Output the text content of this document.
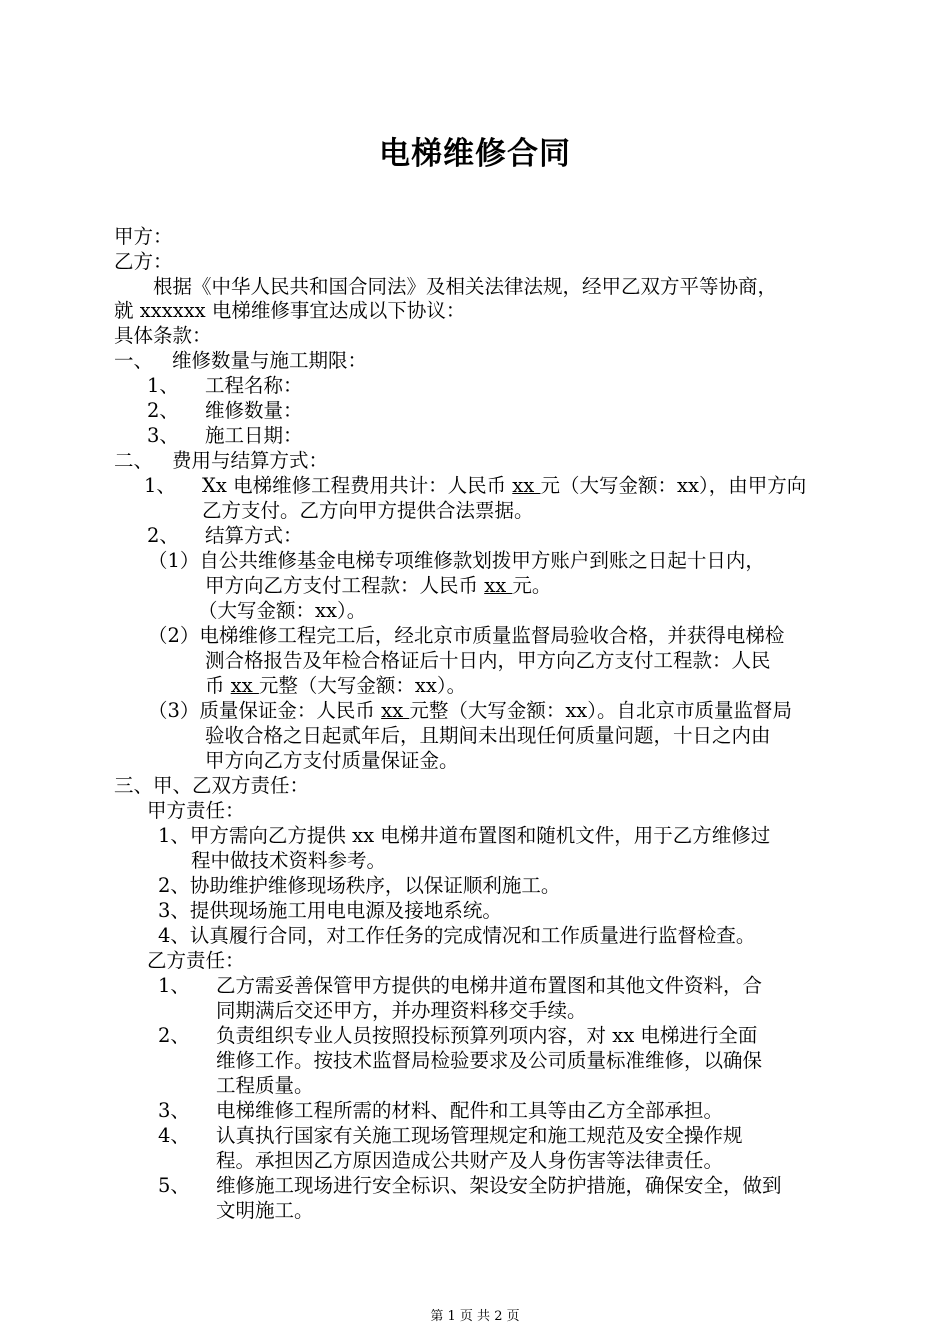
电梯维修合同
甲方：
乙方：
根据《中华人民共和国合同法》及相关法律法规，经甲乙双方平等协商，
就 xxxxxx 电梯维修事宜达成以下协议：
具体条款：
一、 维修数量与施工期限：
1、 工程名称：
2、 维修数量：
3、 施工日期：
二、 费用与结算方式：
1、 Xx 电梯维修工程费用共计：人民币 xx 元（大写金额：xx），由甲方向
乙方支付。乙方向甲方提供合法票据。
2、 结算方式：
（1）自公共维修基金电梯专项维修款划拨甲方账户到账之日起十日内，
甲方向乙方支付工程款：人民币 xx 元。
（大写金额：xx）。
（2）电梯维修工程完工后，经北京市质量监督局验收合格，并获得电梯检
测合格报告及年检合格证后十日内，甲方向乙方支付工程款：人民
币 xx 元整（大写金额：xx）。
（3）质量保证金：人民币 xx 元整（大写金额：xx）。自北京市质量监督局
验收合格之日起贰年后，且期间未出现任何质量问题，十日之内由
甲方向乙方支付质量保证金。
三、甲、乙双方责任：
甲方责任：
1、甲方需向乙方提供 xx 电梯井道布置图和随机文件，用于乙方维修过
程中做技术资料参考。
2、协助维护维修现场秩序，以保证顺利施工。
3、提供现场施工用电电源及接地系统。
4、认真履行合同，对工作任务的完成情况和工作质量进行监督检查。
乙方责任：
1、 乙方需妥善保管甲方提供的电梯井道布置图和其他文件资料，合
同期满后交还甲方，并办理资料移交手续。
2、 负责组织专业人员按照投标预算列项内容，对 xx 电梯进行全面
维修工作。按技术监督局检验要求及公司质量标准维修，以确保
工程质量。
3、 电梯维修工程所需的材料、配件和工具等由乙方全部承担。
4、 认真执行国家有关施工现场管理规定和施工规范及安全操作规
程。承担因乙方原因造成公共财产及人身伤害等法律责任。
5、 维修施工现场进行安全标识、架设安全防护措施，确保安全，做到
文明施工。
第 1 页 共 2 页
